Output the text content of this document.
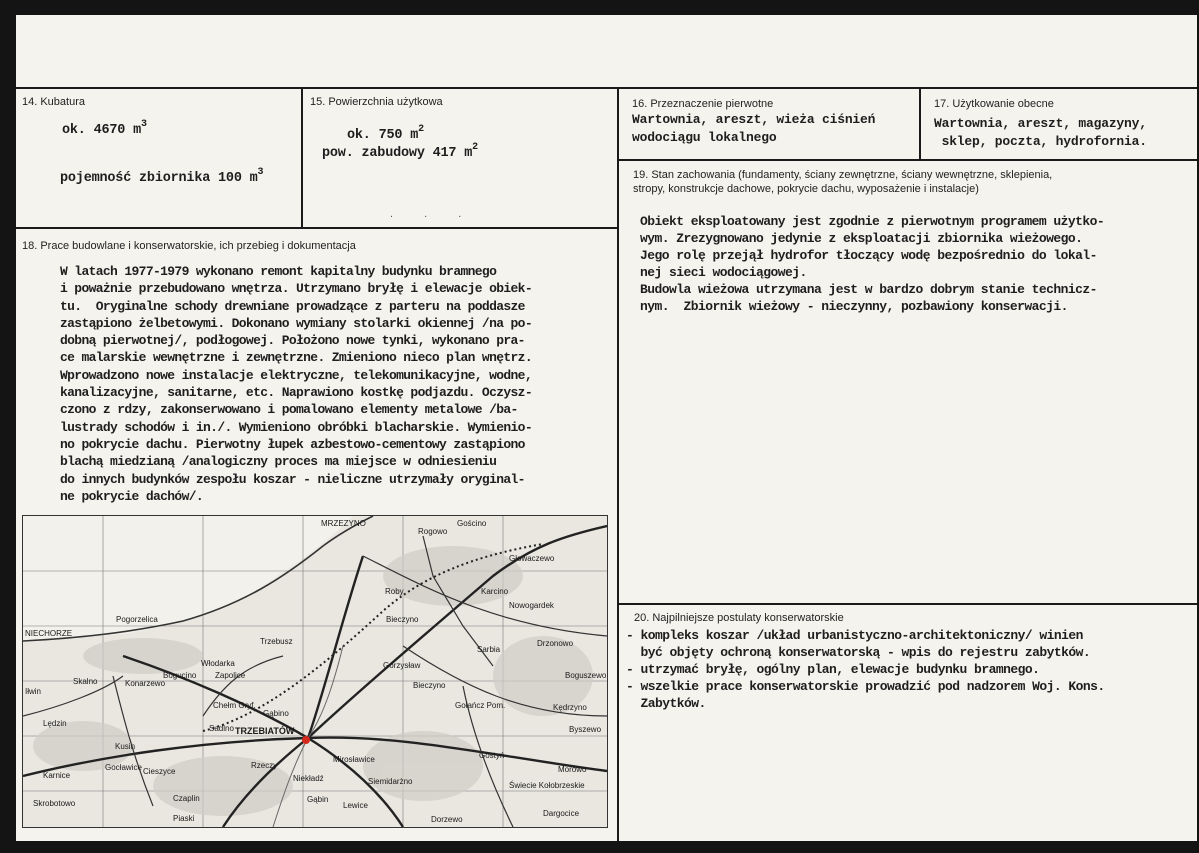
14. Kubatura
ok. 4670 $m^3$
pojemność zbiornika 100 $m^3$
15. Powierzchnia użytkowa
ok. 750 $m^2$
pow. zabudowy 417 $m^2$
. . .
16. Przeznaczenie pierwotne
Wartownia, areszt, wieża ciśnień
wodociągu lokalnego
17. Użytkowanie obecne
Wartownia, areszt, magazyny,
sklep, poczta, hydrofornia.
19. Stan zachowania (fundamenty, ściany zewnętrzne, ściany wewnętrzne, sklepienia,
stropy, konstrukcje dachowe, pokrycie dachu, wyposażenie i instalacje)
Obiekt eksploatowany jest zgodnie z pierwotnym programem użytko-
wym. Zrezygnowano jedynie z eksploatacji zbiornika wieżowego.
Jego rolę przejął hydrofor tłoczący wodę bezpośrednio do lokal-
nej sieci wodociągowej.
Budowla wieżowa utrzymana jest w bardzo dobrym stanie technicz-
nym.  Zbiornik wieżowy - nieczynny, pozbawiony konserwacji.
18. Prace budowlane i konserwatorskie, ich przebieg i dokumentacja
W latach 1977-1979 wykonano remont kapitalny budynku bramnego
i poważnie przebudowano wnętrza. Utrzymano bryłę i elewacje obiek-
tu.  Oryginalne schody drewniane prowadzące z parteru na poddasze
zastąpiono żelbetowymi. Dokonano wymiany stolarki okiennej /na po-
dobną pierwotnej/, podłogowej. Położono nowe tynki, wykonano pra-
ce malarskie wewnętrzne i zewnętrzne. Zmieniono nieco plan wnętrz.
Wprowadzono nowe instalacje elektryczne, telekomunikacyjne, wodne,
kanalizacyjne, sanitarne, etc. Naprawiono kostkę podjazdu. Oczysz-
czono z rdzy, zakonserwowano i pomalowano elementy metalowe /ba-
lustrady schodów i in./. Wymieniono obróbki blacharskie. Wymienio-
no pokrycie dachu. Pierwotny łupek azbestowo-cementowy zastąpiono
blachą miedzianą /analogiczny proces ma miejsce w odniesieniu
do innych budynków zespołu koszar - nieliczne utrzymały oryginal-
ne pokrycie dachów/.
20. Najpilniejsze postulaty konserwatorskie
- kompleks koszar /układ urbanistyczno-architektoniczny/ winien
być objęty ochroną konserwatorską - wpis do rejestru zabytków.
- utrzymać bryłę, ogólny plan, elewacje budynku bramnego.
- wszelkie prace konserwatorskie prowadzić pod nadzorem Woj. Kons.
Zabytków.
MRZEZYNO
Rogowo
Gościno
NIECHORZE
Pogorzelica
Włodarka
Bogucino Zapolice
Trzebusz
Roby
Bieczyno
Karcino
Nowogardek
Gołańcz Pom.
Sarbia
Drzonowo
Boguszewo
Kędrzyno
Byszewo
Gorzysław
Bieczyno
Skalno	Konarzewo
Lędzin
Gąbino
Kusin
Karnice
Gocławice
Skrobotowo
Cieszyce
Czaplin
Mirosławice
Siemidarżno
Gostyń
Świecie Kołobrzeskie
Morowo
Dargocice
Gąbin
Dorzewo
Lewice
Chełm Gryf.
Sadlno
Niekładź
Rzeczy
Głowaczewo
Iłwin
Piaski
TRZEBIATÓW
